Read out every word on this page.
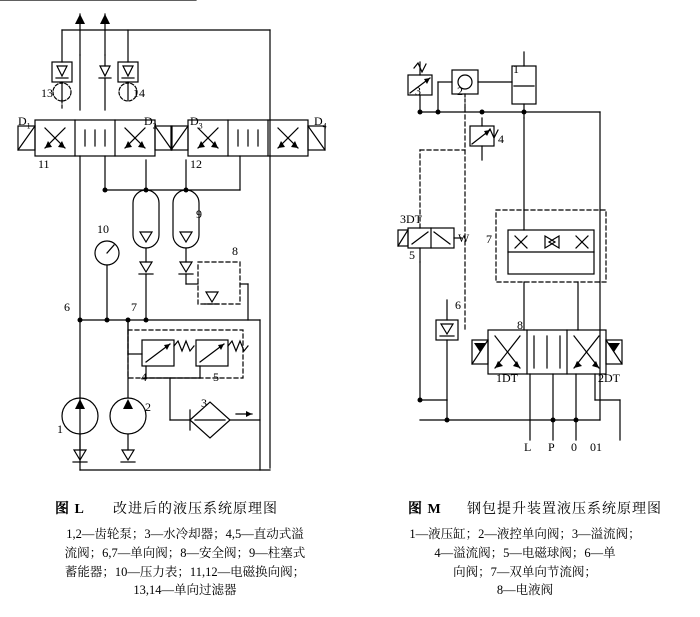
13	14
$D_1$	$D_2$	$D_3$	$D_4$
11	12
10
9
8
6	7
4	5
1
2	3
1
2
3
4
3DT
W
5
7
6
8
1DT	2DT
L P 0 01
图 L 改进后的液压系统原理图	图 M 钢包提升装置液压系统原理图
1,2—齿轮泵；3—水冷却器；4,5—直动式溢
流阀；6,7—单向阀；8—安全阀；9—柱塞式
蓄能器；10—压力表；11,12—电磁换向阀；
13,14—单向过滤器
1—液压缸；2—液控单向阀；3—溢流阀；
4—溢流阀；5—电磁球阀；6—单
向阀；7—双单向节流阀；
8—电液阀
